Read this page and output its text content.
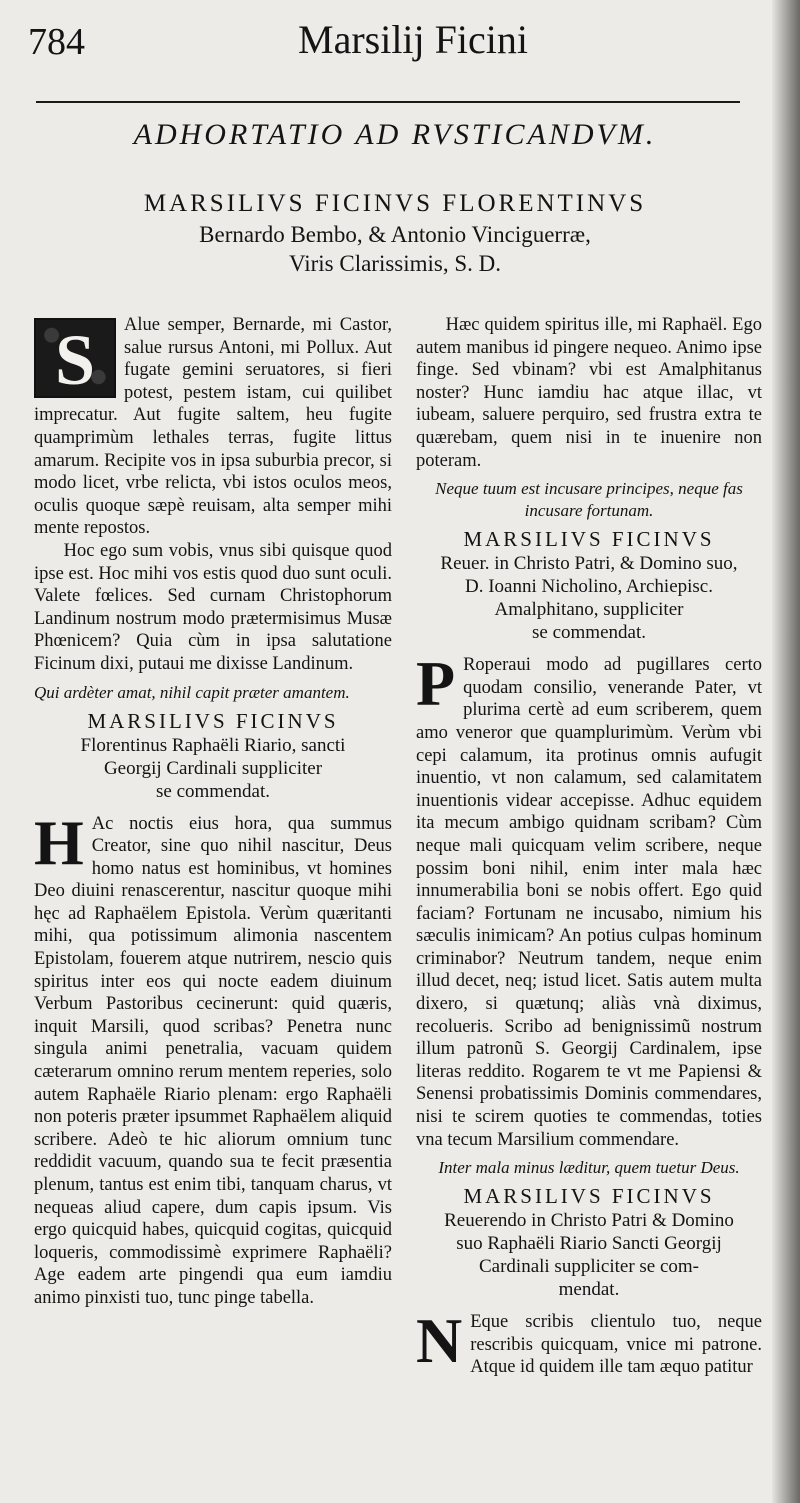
784	Marsilij Ficini
ADHORTATIO AD RVSTICANDVM.
MARSILIVS FICINVS FLORENTINVS
Bernardo Bembo, & Antonio Vinciguerræ,
Viris Clarissimis, S. D.

S	Alue semper, Bernarde, mi Castor, salue rursus Antoni, mi Pollux. Aut fugate gemini seruatores, si fieri potest, pestem istam, cui quilibet imprecatur. Aut fugite saltem, heu fugite quamprimùm lethales terras, fugite littus amarum. Recipite vos in ipsa suburbia precor, si modo licet, vrbe relicta, vbi istos oculos meos, oculis quoque sæpè reuisam, alta semper mihi mente repostos.

Hoc ego sum vobis, vnus sibi quisque quod ipse est. Hoc mihi vos estis quod duo sunt oculi. Valete fœlices. Sed curnam Christophorum Landinum nostrum modo prætermisimus Musæ Phœnicem? Quia cùm in ipsa salutatione Ficinum dixi, putaui me dixisse Landinum.

Qui ardèter amat, nihil capit præter amantem.
MARSILIVS FICINVS
Florentinus Raphaëli Riario, sancti
Georgij Cardinali suppliciter
se commendat.

H Ac noctis eius hora, qua summus Creator, sine quo nihil nascitur, Deus homo natus est hominibus, vt homines Deo diuini renascerentur, nascitur quoque mihi hęc ad Raphaëlem Epistola. Verùm quæritanti mihi, qua potissimum alimonia nascentem Epistolam, fouerem atque nutrirem, nescio quis spiritus inter eos qui nocte eadem diuinum Verbum Pastoribus cecinerunt: quid quæris, inquit Marsili, quod scribas? Penetra nunc singula animi penetralia, vacuam quidem cæterarum omnino rerum mentem reperies, solo autem Raphaële Riario plenam: ergo Raphaëli non poteris præter ipsummet Raphaëlem aliquid scribere. Adeò te hic aliorum omnium tunc reddidit vacuum, quando sua te fecit præsentia plenum, tantus est enim tibi, tanquam charus, vt nequeas aliud capere, dum capis ipsum. Vis ergo quicquid habes, quicquid cogitas, quicquid loqueris, commodissimè exprimere Raphaëli? Age eadem arte pingendi qua eum iamdiu animo pinxisti tuo, tunc pinge tabella.

Hæc quidem spiritus ille, mi Raphaël. Ego autem manibus id pingere nequeo. Animo ipse finge. Sed vbinam? vbi est Amalphitanus noster? Hunc iamdiu hac atque illac, vt iubeam, saluere perquiro, sed frustra extra te quærebam, quem nisi in te inuenire non poteram.

Neque tuum est incusare principes, neque fas incusare fortunam.
MARSILIVS FICINVS
Reuer. in Christo Patri, & Domino suo,
D. Ioanni Nicholino, Archiepisc.
Amalphitano, suppliciter
se commendat.

P Roperaui modo ad pugillares certo quodam consilio, venerande Pater, vt plurima certè ad eum scriberem, quem amo veneror que quamplurimùm. Verùm vbi cepi calamum, ita protinus omnis aufugit inuentio, vt non calamum, sed calamitatem inuentionis videar accepisse. Adhuc equidem ita mecum ambigo quidnam scribam? Cùm neque mali quicquam velim scribere, neque possim boni nihil, enim inter mala hæc innumerabilia boni se nobis offert. Ego quid faciam? Fortunam ne incusabo, nimium his sæculis inimicam? An potius culpas hominum criminabor? Neutrum tandem, neque enim illud decet, neq; istud licet. Satis autem multa dixero, si quætunq; aliàs vnà diximus, recolueris. Scribo ad benignissimũ nostrum illum patronũ S. Georgij Cardinalem, ipse literas reddito. Rogarem te vt me Papiensi & Senensi probatissimis Dominis commendares, nisi te scirem quoties te commendas, toties vna tecum Marsilium commendare.

Inter mala minus læditur, quem tuetur Deus.
MARSILIVS FICINVS
Reuerendo in Christo Patri & Domino
suo Raphaëli Riario Sancti Georgij
Cardinali suppliciter se com-
mendat.

N Eque scribis clientulo tuo, neque rescribis quicquam, vnice mi patrone. Atque id quidem ille tam æquo patitur
